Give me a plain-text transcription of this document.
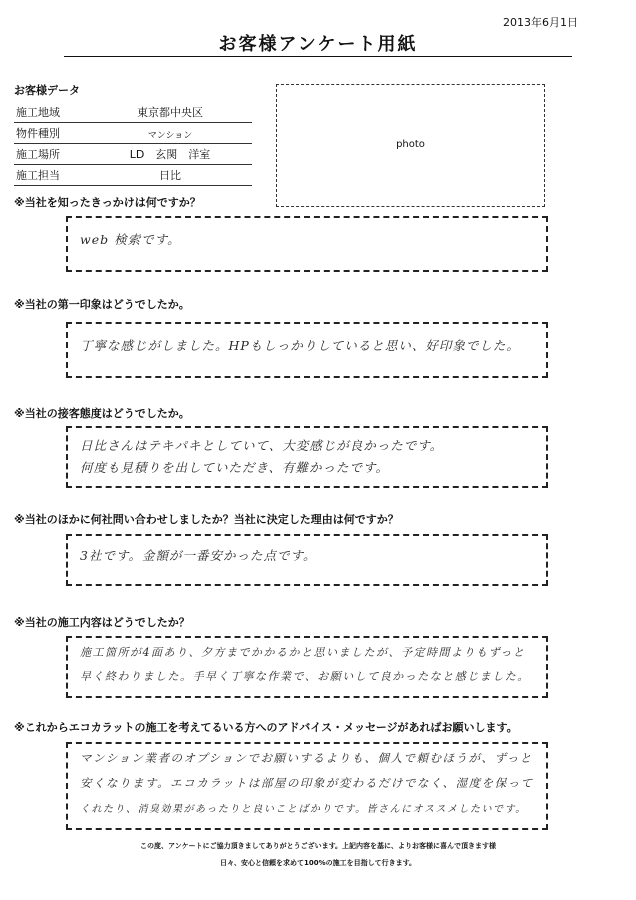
2013年6月1日
お客様アンケート用紙
お客様データ
施工地域	東京都中央区
物件種別	マンション
施工場所	LD　玄関　洋室
施工担当	日比
photo
※当社を知ったきっかけは何ですか？
web 検索です。
※当社の第一印象はどうでしたか。
丁寧な感じがしました。HPもしっかりしていると思い、好印象でした。
※当社の接客態度はどうでしたか。
日比さんはテキパキとしていて、大変感じが良かったです。
何度も見積りを出していただき、有難かったです。
※当社のほかに何社問い合わせしましたか？当社に決定した理由は何ですか？
3社です。金額が一番安かった点です。
※当社の施工内容はどうでしたか？
施工箇所が4面あり、夕方までかかるかと思いましたが、予定時間よりもずっと
早く終わりました。手早く丁寧な作業で、お願いして良かったなと感じました。
※これからエコカラットの施工を考えてるいる方へのアドバイス・メッセージがあればお願いします。
マンション業者のオプションでお願いするよりも、個人で頼むほうが、ずっと
安くなります。エコカラットは部屋の印象が変わるだけでなく、湿度を保って
くれたり、消臭効果があったりと良いことばかりです。皆さんにオススメしたいです。
この度、アンケートにご協力頂きましてありがとうございます。上記内容を基に、よりお客様に喜んで頂きます様
日々、安心と信頼を求めて100%の施工を目指して行きます。
